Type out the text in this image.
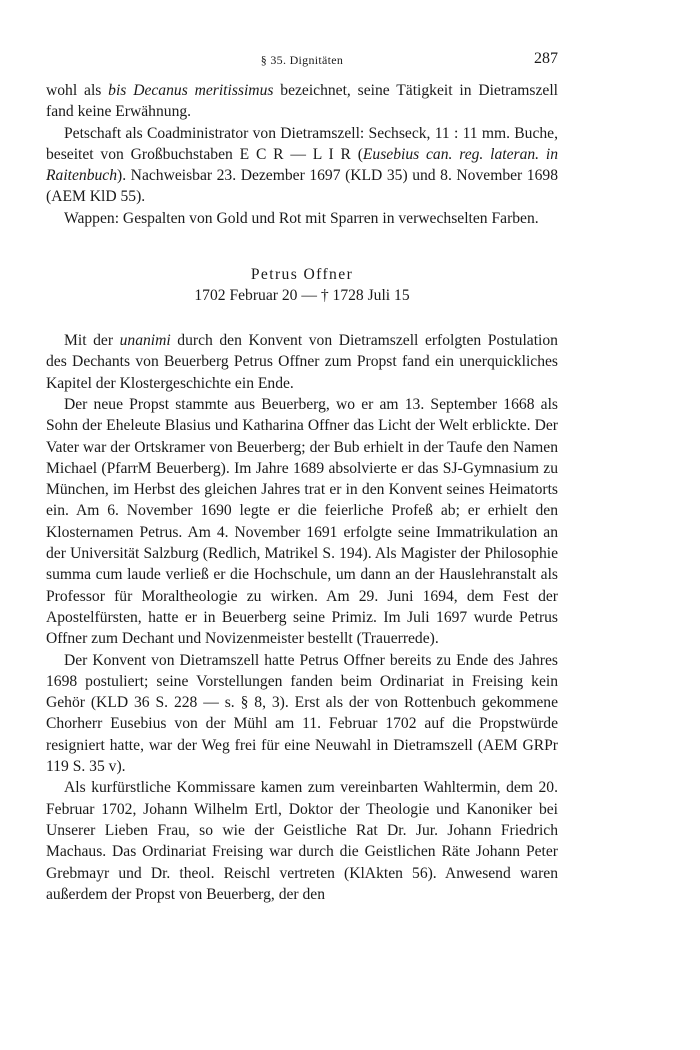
§ 35. Dignitäten	287

wohl als bis Decanus meritissimus bezeichnet, seine Tätigkeit in Dietramszell fand keine Erwähnung.

Petschaft als Coadministrator von Dietramszell: Sechseck, 11 : 11 mm. Buche, beseitet von Großbuchstaben E C R — L I R (Eusebius can. reg. lateran. in Raitenbuch). Nachweisbar 23. Dezember 1697 (KLD 35) und 8. November 1698 (AEM KlD 55).

Wappen: Gespalten von Gold und Rot mit Sparren in verwechselten Farben.

Petrus Offner
1702 Februar 20 — † 1728 Juli 15

Mit der unanimi durch den Konvent von Dietramszell erfolgten Postulation des Dechants von Beuerberg Petrus Offner zum Propst fand ein unerquickliches Kapitel der Klostergeschichte ein Ende.

Der neue Propst stammte aus Beuerberg, wo er am 13. September 1668 als Sohn der Eheleute Blasius und Katharina Offner das Licht der Welt erblickte. Der Vater war der Ortskramer von Beuerberg; der Bub erhielt in der Taufe den Namen Michael (PfarrM Beuerberg). Im Jahre 1689 absolvierte er das SJ-Gymnasium zu München, im Herbst des gleichen Jahres trat er in den Konvent seines Heimatorts ein. Am 6. November 1690 legte er die feierliche Profeß ab; er erhielt den Klosternamen Petrus. Am 4. November 1691 erfolgte seine Immatrikulation an der Universität Salzburg (Redlich, Matrikel S. 194). Als Magister der Philosophie summa cum laude verließ er die Hochschule, um dann an der Hauslehranstalt als Professor für Moraltheologie zu wirken. Am 29. Juni 1694, dem Fest der Apostelfürsten, hatte er in Beuerberg seine Primiz. Im Juli 1697 wurde Petrus Offner zum Dechant und Novizenmeister bestellt (Trauerrede).

Der Konvent von Dietramszell hatte Petrus Offner bereits zu Ende des Jahres 1698 postuliert; seine Vorstellungen fanden beim Ordinariat in Freising kein Gehör (KLD 36 S. 228 — s. § 8, 3). Erst als der von Rottenbuch gekommene Chorherr Eusebius von der Mühl am 11. Februar 1702 auf die Propstwürde resigniert hatte, war der Weg frei für eine Neuwahl in Dietramszell (AEM GRPr 119 S. 35 v).

Als kurfürstliche Kommissare kamen zum vereinbarten Wahltermin, dem 20. Februar 1702, Johann Wilhelm Ertl, Doktor der Theologie und Kanoniker bei Unserer Lieben Frau, so wie der Geistliche Rat Dr. Jur. Johann Friedrich Machaus. Das Ordinariat Freising war durch die Geistlichen Räte Johann Peter Grebmayr und Dr. theol. Reischl vertreten (KlAkten 56). Anwesend waren außerdem der Propst von Beuerberg, der den
